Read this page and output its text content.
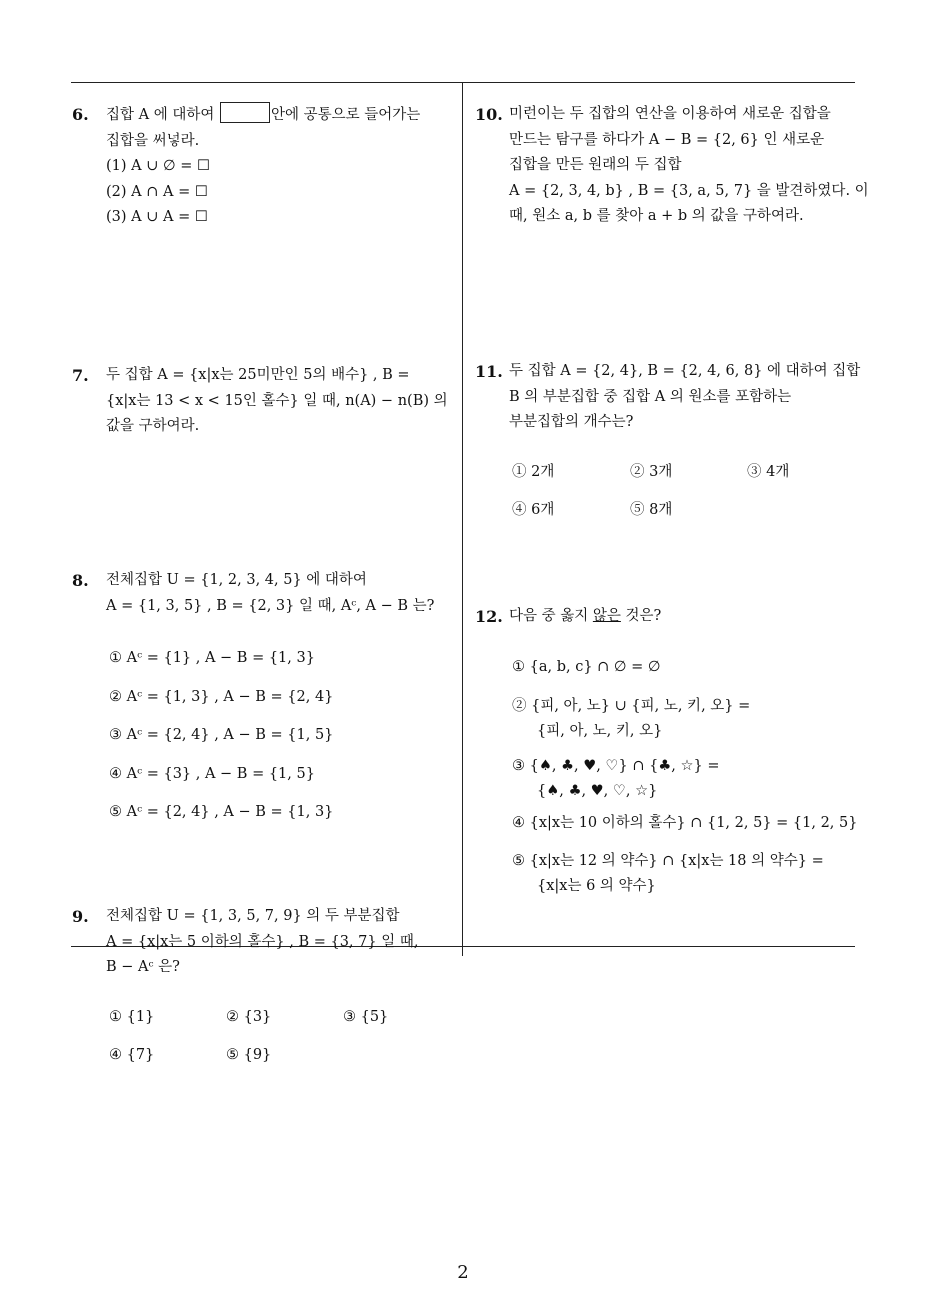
6. 집합 A 에 대하여	안에 공통으로 들어가는
집합을 써넣라.
(1) A ∪ ∅ = ☐
(2) A ∩ A = ☐
(3) A ∪ A = ☐
7. 두 집합 A = {x|x는 25미만인 5의 배수} , B =
{x|x는 13 < x < 15인 홀수} 일 때, n(A) − n(B) 의
값을 구하여라.
8. 전체집합 U = {1, 2, 3, 4, 5} 에 대하여
A = {1, 3, 5} , B = {2, 3} 일 때, Aᶜ, A − B 는?
① Aᶜ = {1} , A − B = {1, 3}
② Aᶜ = {1, 3} , A − B = {2, 4}
③ Aᶜ = {2, 4} , A − B = {1, 5}
④ Aᶜ = {3} , A − B = {1, 5}
⑤ Aᶜ = {2, 4} , A − B = {1, 3}
9. 전체집합 U = {1, 3, 5, 7, 9} 의 두 부분집합
A = {x|x는 5 이하의 홀수} , B = {3, 7} 일 때,
B − Aᶜ 은?
① {1}	② {3}	③ {5}
④ {7}	⑤ {9}
10. 미런이는 두 집합의 연산을 이용하여 새로운 집합을
만드는 탐구를 하다가 A − B = {2, 6} 인 새로운
집합을 만든 원래의 두 집합
A = {2, 3, 4, b} , B = {3, a, 5, 7} 을 발견하였다. 이
때, 원소 a, b 를 찾아 a + b 의 값을 구하여라.
11. 두 집합 A = {2, 4}, B = {2, 4, 6, 8} 에 대하여 집합
B 의 부분집합 중 집합 A 의 원소를 포함하는
부분집합의 개수는?
① 2개	② 3개	③ 4개
④ 6개	⑤ 8개
12. 다음 중 옳지 않은 것은?
① {a, b, c} ∩ ∅ = ∅
② {피, 아, 노} ∪ {피, 노, 키, 오} =
{피, 아, 노, 키, 오}
③ {♠, ♣, ♥, ♡} ∩ {♣, ☆} =
{♠, ♣, ♥, ♡, ☆}
④ {x|x는 10 이하의 홀수} ∩ {1, 2, 5} = {1, 2, 5}
⑤ {x|x는 12 의 약수} ∩ {x|x는 18 의 약수} =
{x|x는 6 의 약수}
2
